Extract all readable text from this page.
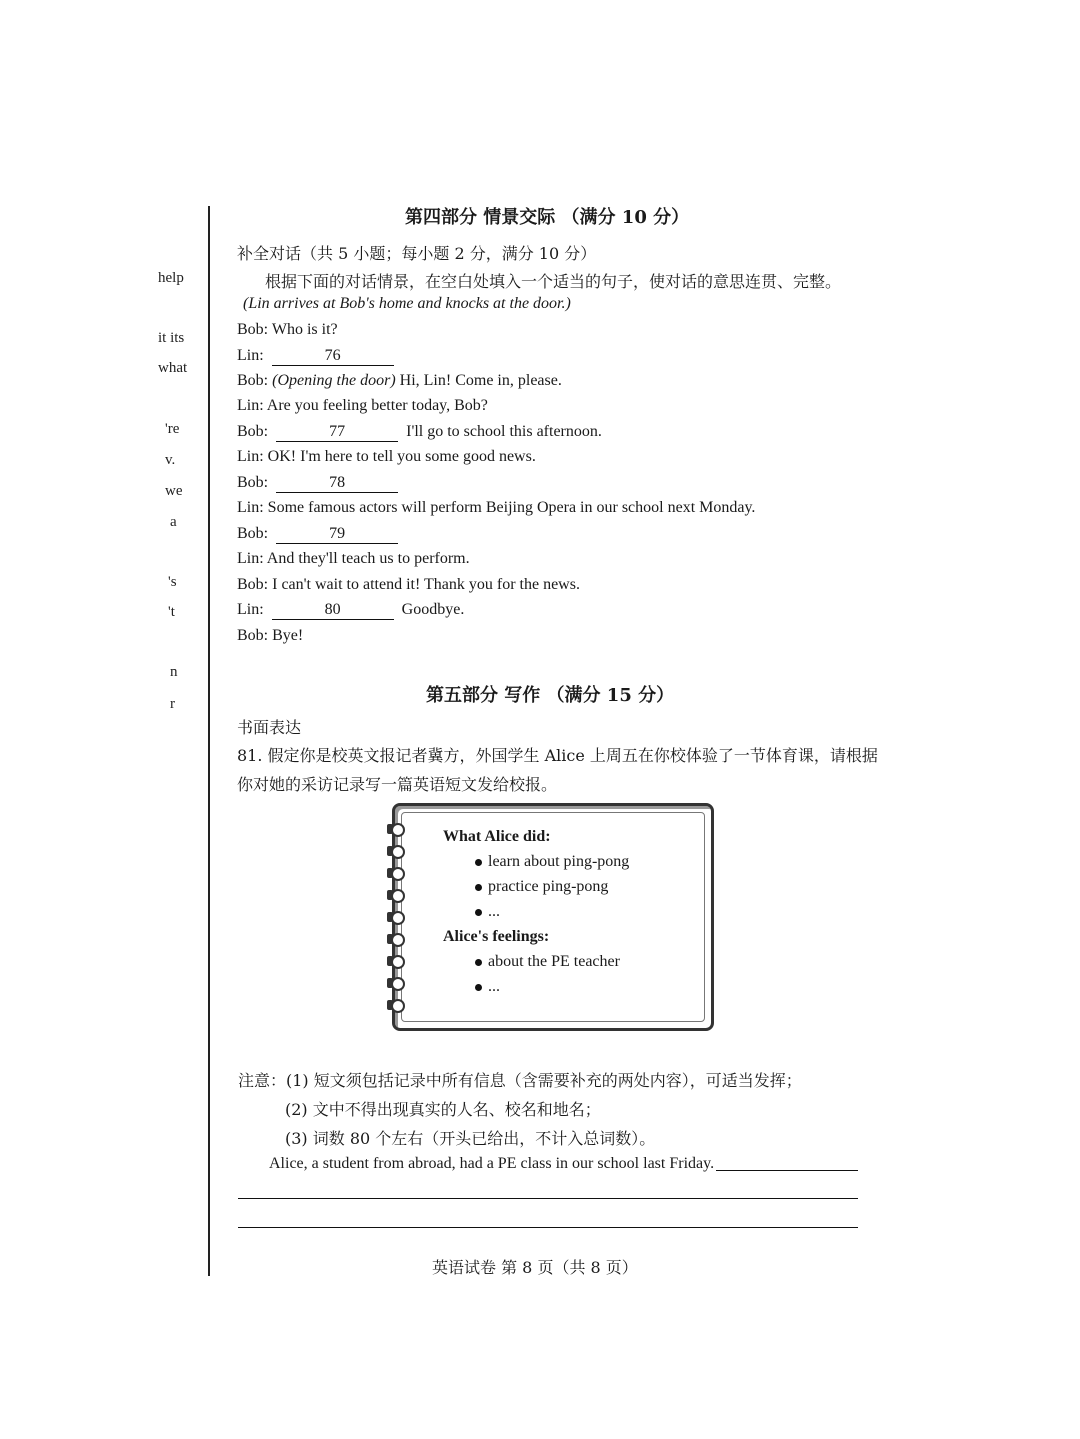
help
it its
what
're
v.
we
a
's
't
n
r
第四部分 情景交际 （满分 10 分）
补全对话（共 5 小题；每小题 2 分，满分 10 分）
根据下面的对话情景，在空白处填入一个适当的句子，使对话的意思连贯、完整。
(Lin arrives at Bob's home and knocks at the door.)
Bob: Who is it?
Lin:	76
Bob: (Opening the door) Hi, Lin! Come in, please.
Lin: Are you feeling better today, Bob?
Bob:	77	I'll go to school this afternoon.
Lin: OK! I'm here to tell you some good news.
Bob:	78
Lin: Some famous actors will perform Beijing Opera in our school next Monday.
Bob:	79
Lin: And they'll teach us to perform.
Bob: I can't wait to attend it! Thank you for the news.
Lin:	80	Goodbye.
Bob: Bye!
第五部分 写作 （满分 15 分）
书面表达
81. 假定你是校英文报记者冀方，外国学生 Alice 上周五在你校体验了一节体育课，请根据
你对她的采访记录写一篇英语短文发给校报。
What Alice did:
learn about ping-pong
practice ping-pong
...
Alice's feelings:
about the PE teacher
...
注意：(1) 短文须包括记录中所有信息（含需要补充的两处内容），可适当发挥；
(2) 文中不得出现真实的人名、校名和地名；
(3) 词数 80 个左右（开头已给出，不计入总词数）。
Alice, a student from abroad, had a PE class in our school last Friday.
英语试卷 第 8 页（共 8 页）
